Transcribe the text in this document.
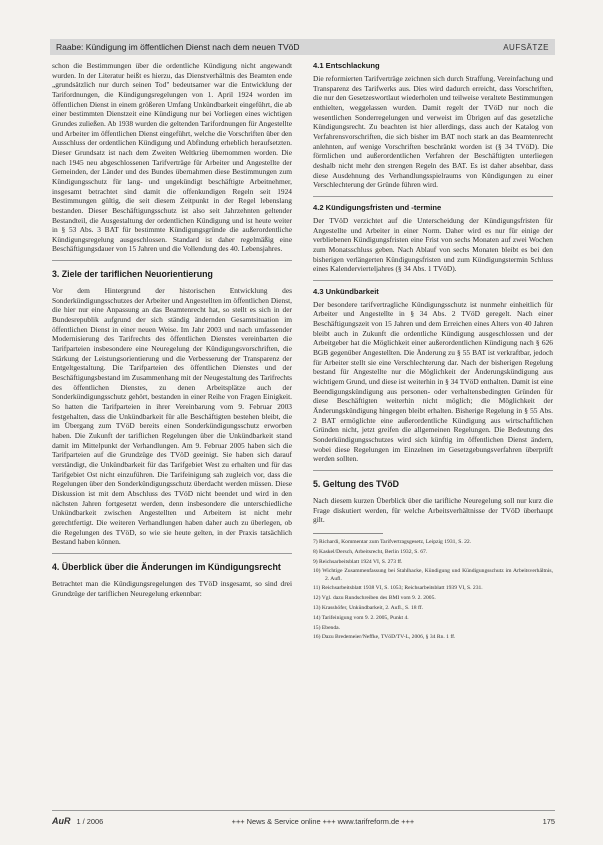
Raabe: Kündigung im öffentlichen Dienst nach dem neuen TVöD	AUFSÄTZE

schon die Bestimmungen über die ordentliche Kündigung nicht angewandt wurden. In der Literatur heißt es hierzu, das Dienstverhältnis des Beamten ende „grundsätzlich nur durch seinen Tod" bedeutsamer war die Entwicklung der Tarifordnungen, die Kündigungsregelungen von 1. April 1924 worden im öffentlichen Dienst in einem größeren Umfang Unkündbarkeit eingeführt, die ab einer bestimmten Dienstzeit eine Kündigung nur bei Vorliegen eines wichtigen Grundes zuließen. Ab 1938 wurden die geltenden Tarifordnungen für Angestellte und Arbeiter im öffentlichen Dienst eingeführt, welche die Vorschriften über den Ausschluss der ordentlichen Kündigung und Abfindung erheblich heraufsetzten. Dieser Grundsatz ist nach dem Zweiten Weltkrieg übernommen worden. Die nach 1945 neu abgeschlossenen Tarifverträge für Arbeiter und Angestellte der Gemeinden, der Länder und des Bundes übernahmen diese Bestimmungen zum Kündigungsschutz für lang- und ungekündigt beschäftigte Arbeitnehmer, insgesamt betrachtet sind damit die offenkundigen Regeln seit 1924 Bestimmungen gültig, die seit diesem Zeitpunkt in der Regel lebenslang bestanden. Dieser Beschäftigungsschutz ist also seit Jahrzehnten geltender Bestandteil, die Ausgestaltung der ordentlichen Kündigung und ist heute weiter in § 53 Abs. 3 BAT für bestimmte Kündigungsgründe die außerordentliche Kündigungsregelung ausgeschlossen. Standard ist daher regelmäßig eine Beschäftigungsdauer von 15 Jahren und die Vollendung des 40. Lebensjahres.

3. Ziele der tariflichen Neuorientierung

Vor dem Hintergrund der historischen Entwicklung des Sonderkündigungsschutzes der Arbeiter und Angestellten im öffentlichen Dienst, die hier nur eine Anpassung an das Beamtenrecht hat, so stellt es sich in der Bundesrepublik aufgrund der sich ständig ändernden Gesamtsituation im öffentlichen Dienst in einer neuen Weise. Im Jahr 2003 und nach umfassender Modernisierung des Tarifrechts des öffentlichen Dienstes vereinbarten die Tarifparteien insbesondere eine Neuregelung der Kündigungsvorschriften, die Stärkung der Leistungsorientierung und die Verbesserung der Transparenz der Entgeltgestaltung. Die Tarifparteien des öffentlichen Dienstes und der Beschäftigungsbestand im Zusammenhang mit der Neugestaltung des Tarifrechts des öffentlichen Dienstes, zu denen Arbeitsplätze auch der Sonderkündigungsschutz gehört, bestanden in einer Reihe von Fragen Einigkeit. So hatten die Tarifparteien in ihrer Vereinbarung vom 9. Februar 2003 festgehalten, dass die Unkündbarkeit für alle Beschäftigten bestehen bleibt, die im Übergang zum TVöD bereits einen Sonderkündigungsschutz erworben haben. Die Zukunft der tariflichen Regelungen über die Unkündbarkeit stand damit im Mittelpunkt der Verhandlungen. Am 9. Februar 2005 haben sich die Tarifparteien auf die Grundzüge des TVöD geeinigt. Sie haben sich darauf verständigt, die Unkündbarkeit für das Tarifgebiet West zu erhalten und für das Tarifgebiet Ost nicht einzuführen. Die Tarifeinigung sah zugleich vor, dass die Regelungen über den Sonderkündigungsschutz überdacht werden müssen. Diese Diskussion ist mit dem Abschluss des TVöD nicht beendet und wird in den nächsten Jahren fortgesetzt werden, denn insbesondere die unterschiedliche Unkündbarkeit zwischen Angestellten und Arbeitern ist nicht mehr gerechtfertigt. Die weiteren Verhandlungen haben daher auch zu überlegen, ob die Regelungen des TVöD, so wie sie heute gelten, in der Praxis tatsächlich Bestand haben können.

4. Überblick über die Änderungen im Kündigungsrecht

Betrachtet man die Kündigungsregelungen des TVöD insgesamt, so sind drei Grundzüge der tariflichen Neuregelung erkennbar:

4.1 Entschlackung

Die reformierten Tarifverträge zeichnen sich durch Straffung, Vereinfachung und Transparenz des Tarifwerks aus. Dies wird dadurch erreicht, dass Vorschriften, die nur den Gesetzeswortlaut wiederholen und teilweise veraltete Bestimmungen enthielten, weggelassen wurden. Damit regelt der TVöD nur noch die wesentlichen Sonderregelungen und verweist im Übrigen auf das gesetzliche Kündigungsrecht. Zu beachten ist hier allerdings, dass auch der Katalog von Verfahrensvorschriften, die sich bisher im BAT noch stark an das Beamtenrecht anlehnten, auf wenige Vorschriften beschränkt worden ist (§ 34 TVöD). Die förmlichen und außerordentlichen Verfahren der Beschäftigten unterliegen deshalb nicht mehr den strengen Regeln des BAT. Es ist daher absehbar, dass diese Ausdehnung des Verhandlungsspielraums von Kündigungen zu einer Verschlechterung der Gründe führen wird.

4.2 Kündigungsfristen und -termine

Der TVöD verzichtet auf die Unterscheidung der Kündigungsfristen für Angestellte und Arbeiter in einer Norm. Daher wird es nur für einige der verbliebenen Kündigungsfristen eine Frist von sechs Monaten auf zwei Wochen zum Monatsschluss geben. Nach Ablauf von sechs Monaten bleibt es bei den bisherigen verlängerten Kündigungsfristen und zum Kündigungstermin Schluss eines Kalendervierteljahres (§ 34 Abs. 1 TVöD).

4.3 Unkündbarkeit

Der besondere tarifvertragliche Kündigungsschutz ist nunmehr einheitlich für Arbeiter und Angestellte in § 34 Abs. 2 TVöD geregelt. Nach einer Beschäftigungszeit von 15 Jahren und dem Erreichen eines Alters von 40 Jahren bleibt auch in Zukunft die ordentliche Kündigung ausgeschlossen und der Arbeitgeber hat die Möglichkeit einer außerordentlichen Kündigung nach § 626 BGB gegenüber Angestellten. Die Änderung zu § 55 BAT ist verkraftbar, jedoch für Arbeiter stellt sie eine Verschlechterung dar. Nach der bisherigen Regelung bestand für Angestellte nur die Möglichkeit der Änderungskündigung aus wichtigem Grund, und diese ist weiterhin in § 34 TVöD enthalten. Damit ist eine Beendigungskündigung aus personen- oder verhaltensbedingten Gründen für diese Beschäftigten weiterhin nicht möglich; die Möglichkeit der Änderungskündigung hingegen bleibt erhalten. Bisherige Regelung in § 55 Abs. 2 BAT ermöglichte eine außerordentliche Kündigung aus wirtschaftlichen Gründen nicht, jetzt greifen die allgemeinen Regelungen. Die Bedeutung des Sonderkündigungsschutzes wird sich künftig im öffentlichen Dienst ändern, wobei diese Regelungen im Einzelnen im Gesetzgebungsverfahren überprüft werden sollten.

5. Geltung des TVöD

Nach diesem kurzen Überblick über die tarifliche Neuregelung soll nur kurz die Frage diskutiert werden, für welche Arbeitsverhältnisse der TVöD überhaupt gilt.

7) Richardi, Kommentar zum Tarifvertragsgesetz, Leipzig 1931, S. 22.
8) Kaskel/Dersch, Arbeitsrecht, Berlin 1932, S. 67.
9) Reichsarbeitsblatt 1924 VI, S. 273 ff.
10) Wichtige Zusammenfassung bei Stahlhacke, Kündigung und Kündigungsschutz im Arbeitsverhältnis, 2. Aufl.
11) Reichsarbeitsblatt 1938 VI, S. 1053; Reichsarbeitsblatt 1939 VI, S. 231.
12) Vgl. dazu Rundschreiben des BMI vom 9. 2. 2005.
13) Krasshöfer, Unkündbarkeit, 2. Aufl., S. 18 ff.
14) Tarifeinigung vom 9. 2. 2005, Punkt 4.
15) Ebenda.
16) Dazu Bredemeier/Neffke, TVöD/TV-L, 2006, § 34 Rn. 1 ff.
AuR 1 / 2006	+++ News & Service online +++ www.tarifreform.de +++	175
